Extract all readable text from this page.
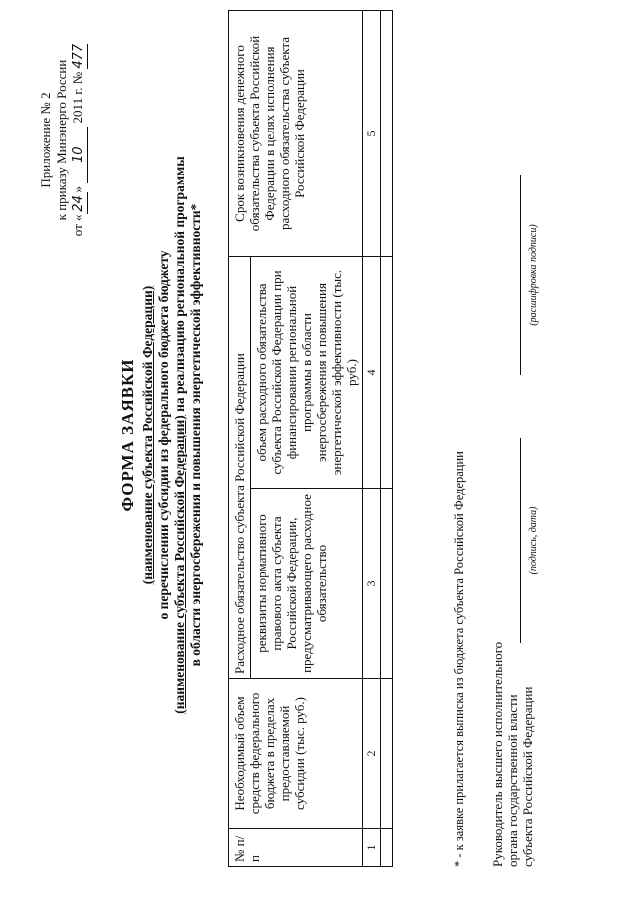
Приложение № 2 к приказу Минэнерго России
от «24» 10 2011 г. № 477
ФОРМА ЗАЯВКИ (наименование субъекта Российской Федерации) о перечислении субсидии из федерального бюджета бюджету
(наименование субъекта Российской Федерации) на реализацию региональной программы в области энергосбережения и повышения энергетической эффективности*
№ п/п	Необходимый объем средств федерального бюджета в пределах предоставляемой субсидии (тыс. руб.)	Расходное обязательство субъекта Российской Федерации		Срок возникновения денежного обязательства субъекта Российской Федерации в целях исполнения расходного обязательства субъекта Российской Федерации
		реквизиты нормативного правового акта субъекта Российской Федерации, предусматривающего расходное обязательство	объем расходного обязательства субъекта Российской Федерации при финансировании региональной программы в области энергосбережения и повышения энергетической эффективности (тыс. руб.)	
1	2	3	4	5

* - к заявке прилагается выписка из бюджета субъекта Российской Федерации Руководитель высшего исполнительного органа государственной власти субъекта Российской Федерации
(подпись, дата)
(расшифровка подписи)
